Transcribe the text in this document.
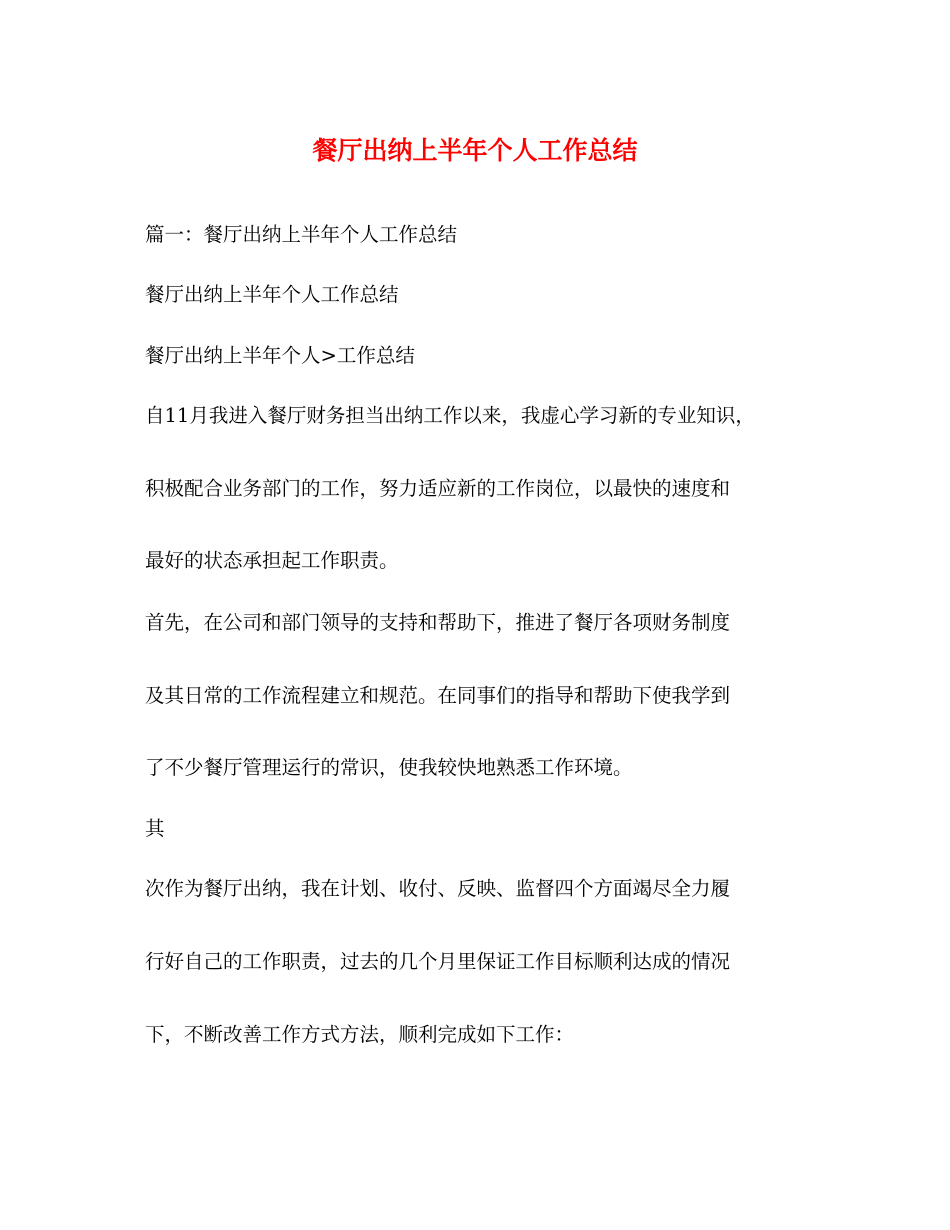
餐厅出纳上半年个人工作总结
篇一：餐厅出纳上半年个人工作总结
餐厅出纳上半年个人工作总结
餐厅出纳上半年个人>工作总结
自11月我进入餐厅财务担当出纳工作以来，我虚心学习新的专业知识，
积极配合业务部门的工作，努力适应新的工作岗位，以最快的速度和
最好的状态承担起工作职责。
首先，在公司和部门领导的支持和帮助下，推进了餐厅各项财务制度
及其日常的工作流程建立和规范。在同事们的指导和帮助下使我学到
了不少餐厅管理运行的常识，使我较快地熟悉工作环境。
其
次作为餐厅出纳，我在计划、收付、反映、监督四个方面竭尽全力履
行好自己的工作职责，过去的几个月里保证工作目标顺利达成的情况
下，不断改善工作方式方法，顺利完成如下工作：
